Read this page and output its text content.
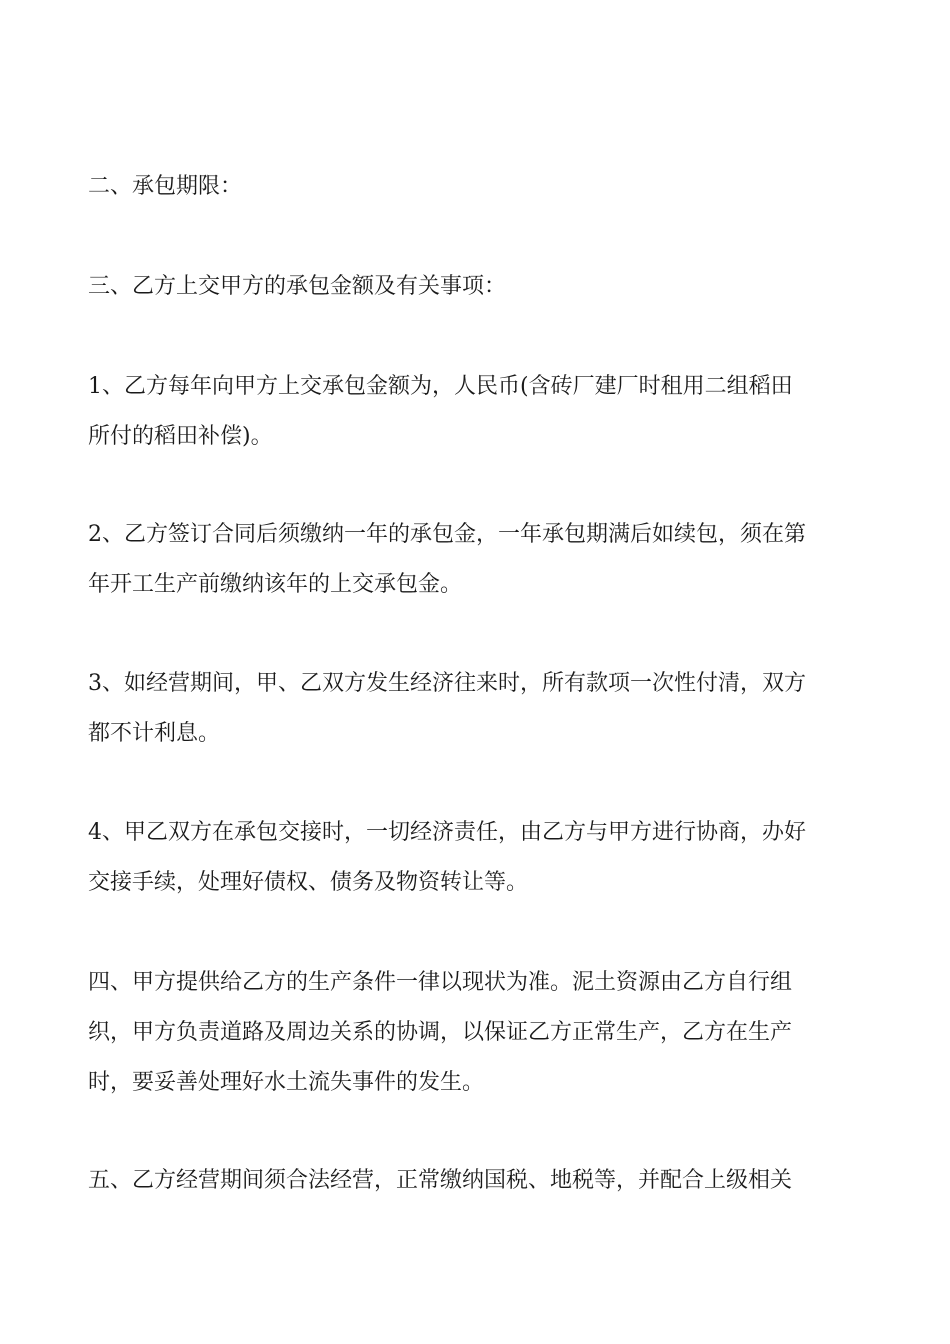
二、承包期限：

三、乙方上交甲方的承包金额及有关事项：

1、乙方每年向甲方上交承包金额为，人民币(含砖厂建厂时租用二组稻田
所付的稻田补偿)。

2、乙方签订合同后须缴纳一年的承包金，一年承包期满后如续包，须在第
年开工生产前缴纳该年的上交承包金。

3、如经营期间，甲、乙双方发生经济往来时，所有款项一次性付清，双方
都不计利息。

4、甲乙双方在承包交接时，一切经济责任，由乙方与甲方进行协商，办好
交接手续，处理好债权、债务及物资转让等。

四、甲方提供给乙方的生产条件一律以现状为准。泥土资源由乙方自行组
织，甲方负责道路及周边关系的协调，以保证乙方正常生产，乙方在生产
时，要妥善处理好水土流失事件的发生。

五、乙方经营期间须合法经营，正常缴纳国税、地税等，并配合上级相关
